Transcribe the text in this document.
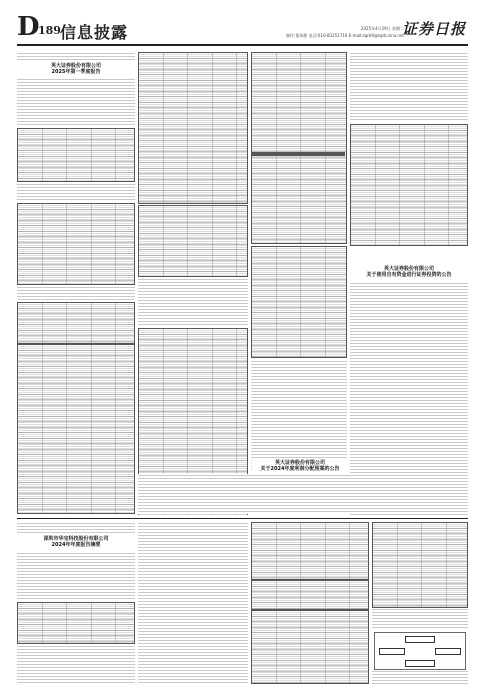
D
189 信息披露	2025年4月29日 星期二
制作:董伟静 电话:010-83251716 E-mail:zqrb9@zqrb.sina.net
证券日报
英大证券股份有限公司
2025年第一季度报告
英大证券股份有限公司
关于使用自有资金进行证券投资的公告
英大证券股份有限公司
关于2024年度利润分配预案的公告
深圳市华宝科技股份有限公司
2024年年度报告摘要
